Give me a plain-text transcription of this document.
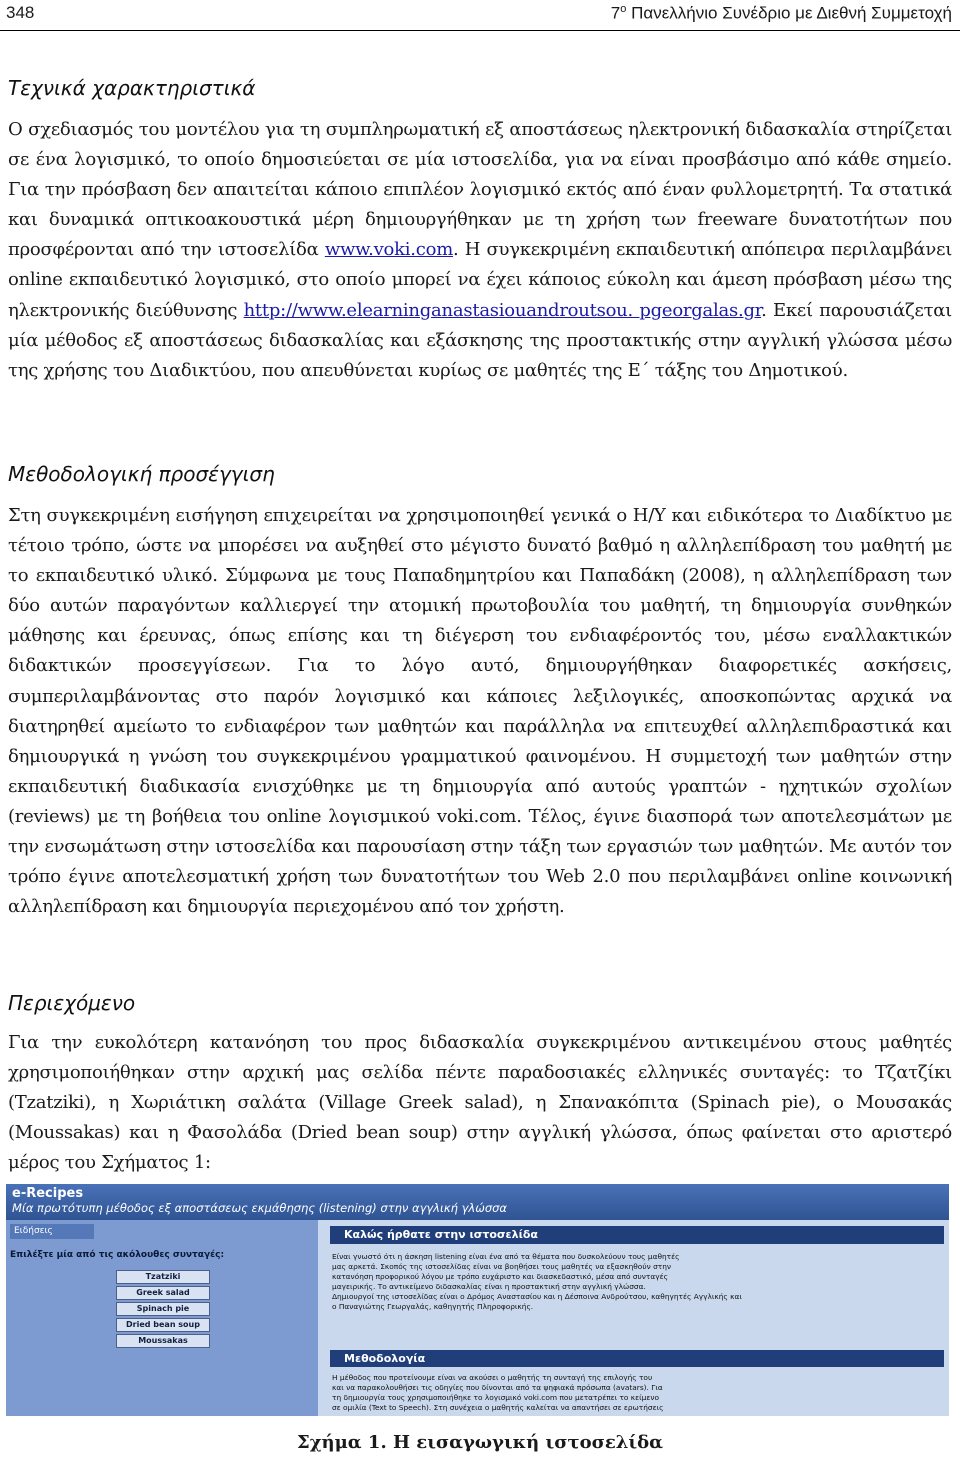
348	$7^o$ Πανελλήνιο Συνέδριο με Διεθνή Συμμετοχή
Τεχνικά χαρακτηριστικά
Ο σχεδιασμός του μοντέλου για τη συμπληρωματική εξ αποστάσεως ηλεκτρονική διδασκαλία στηρίζεται σε ένα λογισμικό, το οποίο δημοσιεύεται σε μία ιστοσελίδα, για να είναι προσβάσιμο από κάθε σημείο. Για την πρόσβαση δεν απαιτείται κάποιο επιπλέον λογισμικό εκτός από έναν φυλλομετρητή. Τα στατικά και δυναμικά οπτικοακουστικά μέρη δημιουργήθηκαν με τη χρήση των freeware δυνατοτήτων που προσφέρονται από την ιστοσελίδα www.voki.com. Η συγκεκριμένη εκπαιδευτική απόπειρα περιλαμβάνει online εκπαιδευτικό λογισμικό, στο οποίο μπορεί να έχει κάποιος εύκολη και άμεση πρόσβαση μέσω της ηλεκτρονικής διεύθυνσης http://www.elearninganastasiouandroutsou. pgeorgalas.gr. Εκεί παρουσιάζεται μία μέθοδος εξ αποστάσεως διδασκαλίας και εξάσκησης της προστακτικής στην αγγλική γλώσσα μέσω της χρήσης του Διαδικτύου, που απευθύνεται κυρίως σε μαθητές της Ε΄ τάξης του Δημοτικού.
Μεθοδολογική προσέγγιση
Στη συγκεκριμένη εισήγηση επιχειρείται να χρησιμοποιηθεί γενικά ο Η/Υ και ειδικότερα το Διαδίκτυο με τέτοιο τρόπο, ώστε να μπορέσει να αυξηθεί στο μέγιστο δυνατό βαθμό η αλληλεπίδραση του μαθητή με το εκπαιδευτικό υλικό. Σύμφωνα με τους Παπαδημητρίου και Παπαδάκη (2008), η αλληλεπίδραση των δύο αυτών παραγόντων καλλιεργεί την ατομική πρωτοβουλία του μαθητή, τη δημιουργία συνθηκών μάθησης και έρευνας, όπως επίσης και τη διέγερση του ενδιαφέροντός του, μέσω εναλλακτικών διδακτικών προσεγγίσεων. Για το λόγο αυτό, δημιουργήθηκαν διαφορετικές ασκήσεις, συμπεριλαμβάνοντας στο παρόν λογισμικό και κάποιες λεξιλογικές, αποσκοπώντας αρχικά να διατηρηθεί αμείωτο το ενδιαφέρον των μαθητών και παράλληλα να επιτευχθεί αλληλεπιδραστικά και δημιουργικά η γνώση του συγκεκριμένου γραμματικού φαινομένου. Η συμμετοχή των μαθητών στην εκπαιδευτική διαδικασία ενισχύθηκε με τη δημιουργία από αυτούς γραπτών - ηχητικών σχολίων (reviews) με τη βοήθεια του online λογισμικού voki.com. Τέλος, έγινε διασπορά των αποτελεσμάτων με την ενσωμάτωση στην ιστοσελίδα και παρουσίαση στην τάξη των εργασιών των μαθητών. Με αυτόν τον τρόπο έγινε αποτελεσματική χρήση των δυνατοτήτων του Web 2.0 που περιλαμβάνει online κοινωνική αλληλεπίδραση και δημιουργία περιεχομένου από τον χρήστη.
Περιεχόμενο
Για την ευκολότερη κατανόηση του προς διδασκαλία συγκεκριμένου αντικειμένου στους μαθητές χρησιμοποιήθηκαν στην αρχική μας σελίδα πέντε παραδοσιακές ελληνικές συνταγές: το Τζατζίκι (Tzatziki), η Χωριάτικη σαλάτα (Village Greek salad), η Σπανακόπιτα (Spinach pie), ο Μουσακάς (Moussakas) και η Φασολάδα (Dried bean soup) στην αγγλική γλώσσα, όπως φαίνεται στο αριστερό μέρος του Σχήματος 1:
e-Recipes
Μία πρωτότυπη μέθοδος εξ αποστάσεως εκμάθησης (listening) στην αγγλική γλώσσα
Ειδήσεις
Επιλέξτε μία από τις ακόλουθες συνταγές:
Tzatziki
Greek salad
Spinach pie
Dried bean soup
Moussakas
Καλώς ήρθατε στην ιστοσελίδα
Είναι γνωστό ότι η άσκηση listening είναι ένα από τα θέματα που δυσκολεύουν τους μαθητές
μας αρκετά. Σκοπός της ιστοσελίδας είναι να βοηθήσει τους μαθητές να εξασκηθούν στην
κατανόηση προφορικού λόγου με τρόπο ευχάριστο και διασκεδαστικό, μέσα από συνταγές
μαγειρικής. Το αντικείμενο διδασκαλίας είναι η προστακτική στην αγγλική γλώσσα.
Δημιουργοί της ιστοσελίδας είναι ο Δρόμος Αναστασίου και η Δέσποινα Ανδρούτσου, καθηγητές Αγγλικής και
ο Παναγιώτης Γεωργαλάς, καθηγητής Πληροφορικής.
Μεθοδολογία
Η μέθοδος που προτείνουμε είναι να ακούσει ο μαθητής τη συνταγή της επιλογής του
και να παρακολουθήσει τις οδηγίες που δίνονται από τα ψηφιακά πρόσωπα (avatars). Για
τη δημιουργία τους χρησιμοποιήθηκε το λογισμικό voki.com που μετατρέπει το κείμενο
σε ομιλία (Text to Speech). Στη συνέχεια ο μαθητής καλείται να απαντήσει σε ερωτήσεις
Σχήμα 1. Η εισαγωγική ιστοσελίδα
